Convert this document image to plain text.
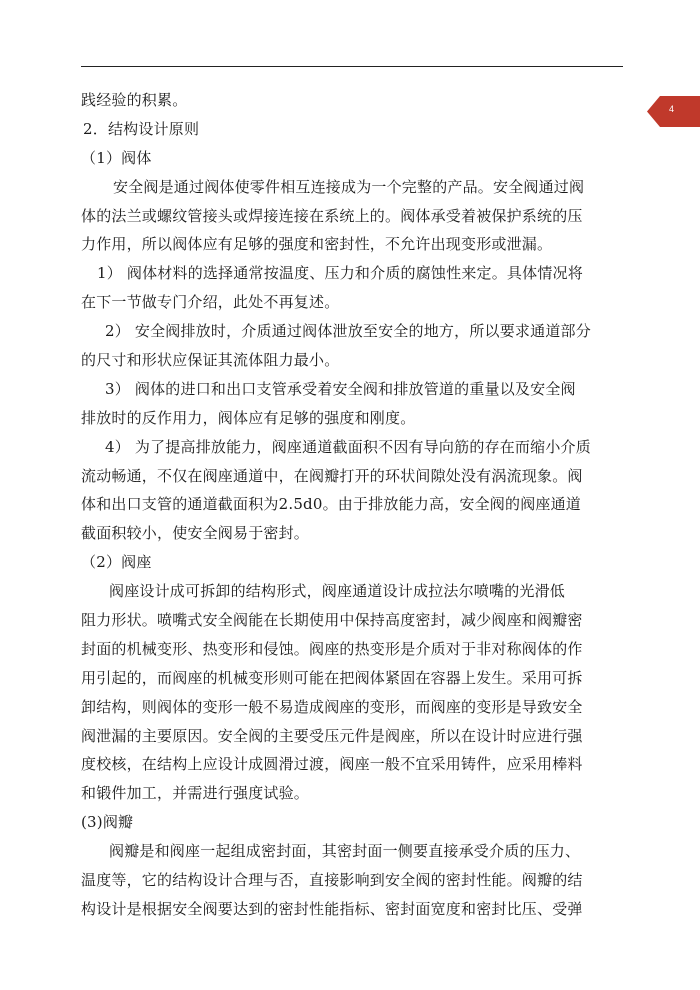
4
践经验的积累。
2．结构设计原则
（1）阀体
安全阀是通过阀体使零件相互连接成为一个完整的产品。安全阀通过阀
体的法兰或螺纹管接头或焊接连接在系统上的。阀体承受着被保护系统的压
力作用，所以阀体应有足够的强度和密封性，不允许出现变形或泄漏。
1） 阀体材料的选择通常按温度、压力和介质的腐蚀性来定。具体情况将
在下一节做专门介绍，此处不再复述。
2） 安全阀排放时，介质通过阀体泄放至安全的地方，所以要求通道部分
的尺寸和形状应保证其流体阻力最小。
3） 阀体的进口和出口支管承受着安全阀和排放管道的重量以及安全阀
排放时的反作用力，阀体应有足够的强度和刚度。
4） 为了提高排放能力，阀座通道截面积不因有导向筋的存在而缩小介质
流动畅通，不仅在阀座通道中，在阀瓣打开的环状间隙处没有涡流现象。阀
体和出口支管的通道截面积为2.5d0。由于排放能力高，安全阀的阀座通道
截面积较小，使安全阀易于密封。
（2）阀座
阀座设计成可拆卸的结构形式，阀座通道设计成拉法尔喷嘴的光滑低
阻力形状。喷嘴式安全阀能在长期使用中保持高度密封，减少阀座和阀瓣密
封面的机械变形、热变形和侵蚀。阀座的热变形是介质对于非对称阀体的作
用引起的，而阀座的机械变形则可能在把阀体紧固在容器上发生。采用可拆
卸结构，则阀体的变形一般不易造成阀座的变形，而阀座的变形是导致安全
阀泄漏的主要原因。安全阀的主要受压元件是阀座，所以在设计时应进行强
度校核，在结构上应设计成圆滑过渡，阀座一般不宜采用铸件，应采用棒料
和锻件加工，并需进行强度试验。
(3)阀瓣
阀瓣是和阀座一起组成密封面，其密封面一侧要直接承受介质的压力、
温度等，它的结构设计合理与否，直接影响到安全阀的密封性能。阀瓣的结
构设计是根据安全阀要达到的密封性能指标、密封面宽度和密封比压、受弹
